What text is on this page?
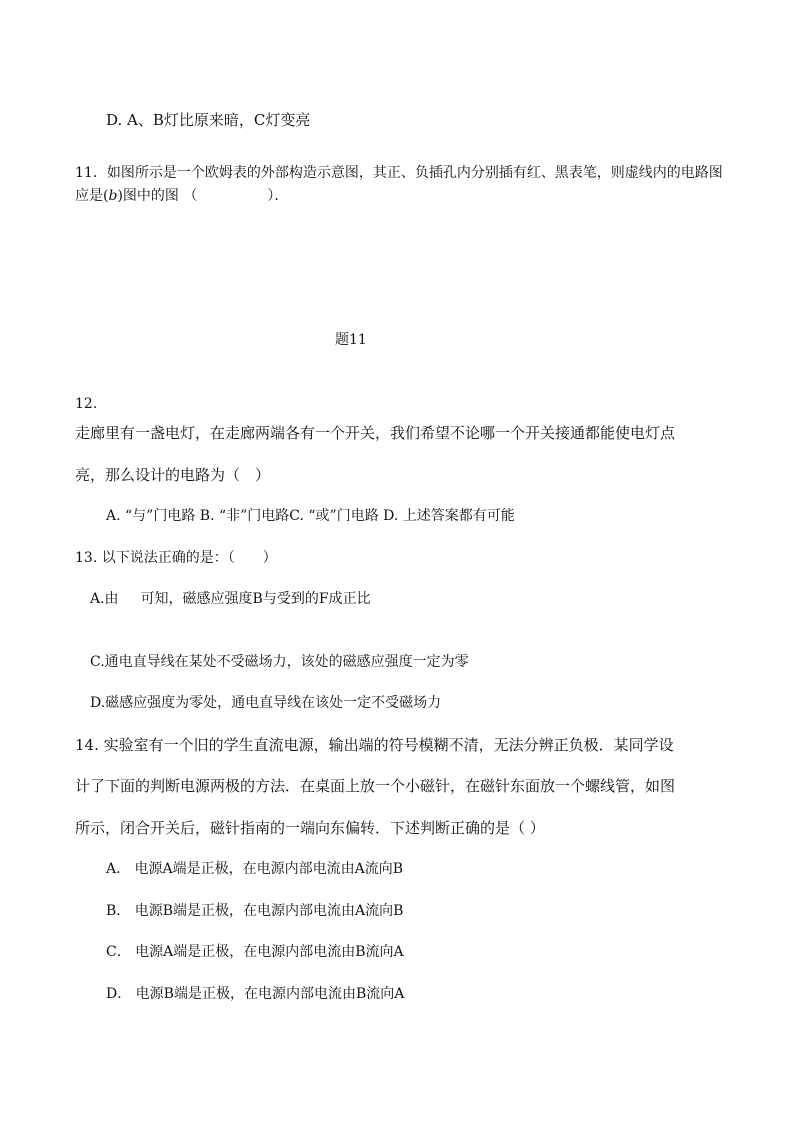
D. A、B灯比原来暗，C灯变亮
11．如图所示是一个欧姆表的外部构造示意图，其正、负插孔内分别插有红、黑表笔，则虚线内的电路图
应是(b)图中的图 （　　　　　）．
题11
12.
走廊里有一盏电灯，在走廊两端各有一个开关，我们希望不论哪一个开关接通都能使电灯点
亮，那么设计的电路为（　）
A. “与”门电路 B. “非”门电路C. “或”门电路 D. 上述答案都有可能
13. 以下说法正确的是：（　　）
A.由 可知，磁感应强度B与受到的F成正比
C.通电直导线在某处不受磁场力，该处的磁感应强度一定为零
D.磁感应强度为零处，通电直导线在该处一定不受磁场力
14. 实验室有一个旧的学生直流电源，输出端的符号模糊不清，无法分辨正负极．某同学设
计了下面的判断电源两极的方法．在桌面上放一个小磁针，在磁针东面放一个螺线管，如图
所示，闭合开关后，磁针指南的一端向东偏转．下述判断正确的是（ ）
A． 电源A端是正极，在电源内部电流由A流向B
B． 电源B端是正极，在电源内部电流由A流向B
C． 电源A端是正极，在电源内部电流由B流向A
D． 电源B端是正极，在电源内部电流由B流向A
